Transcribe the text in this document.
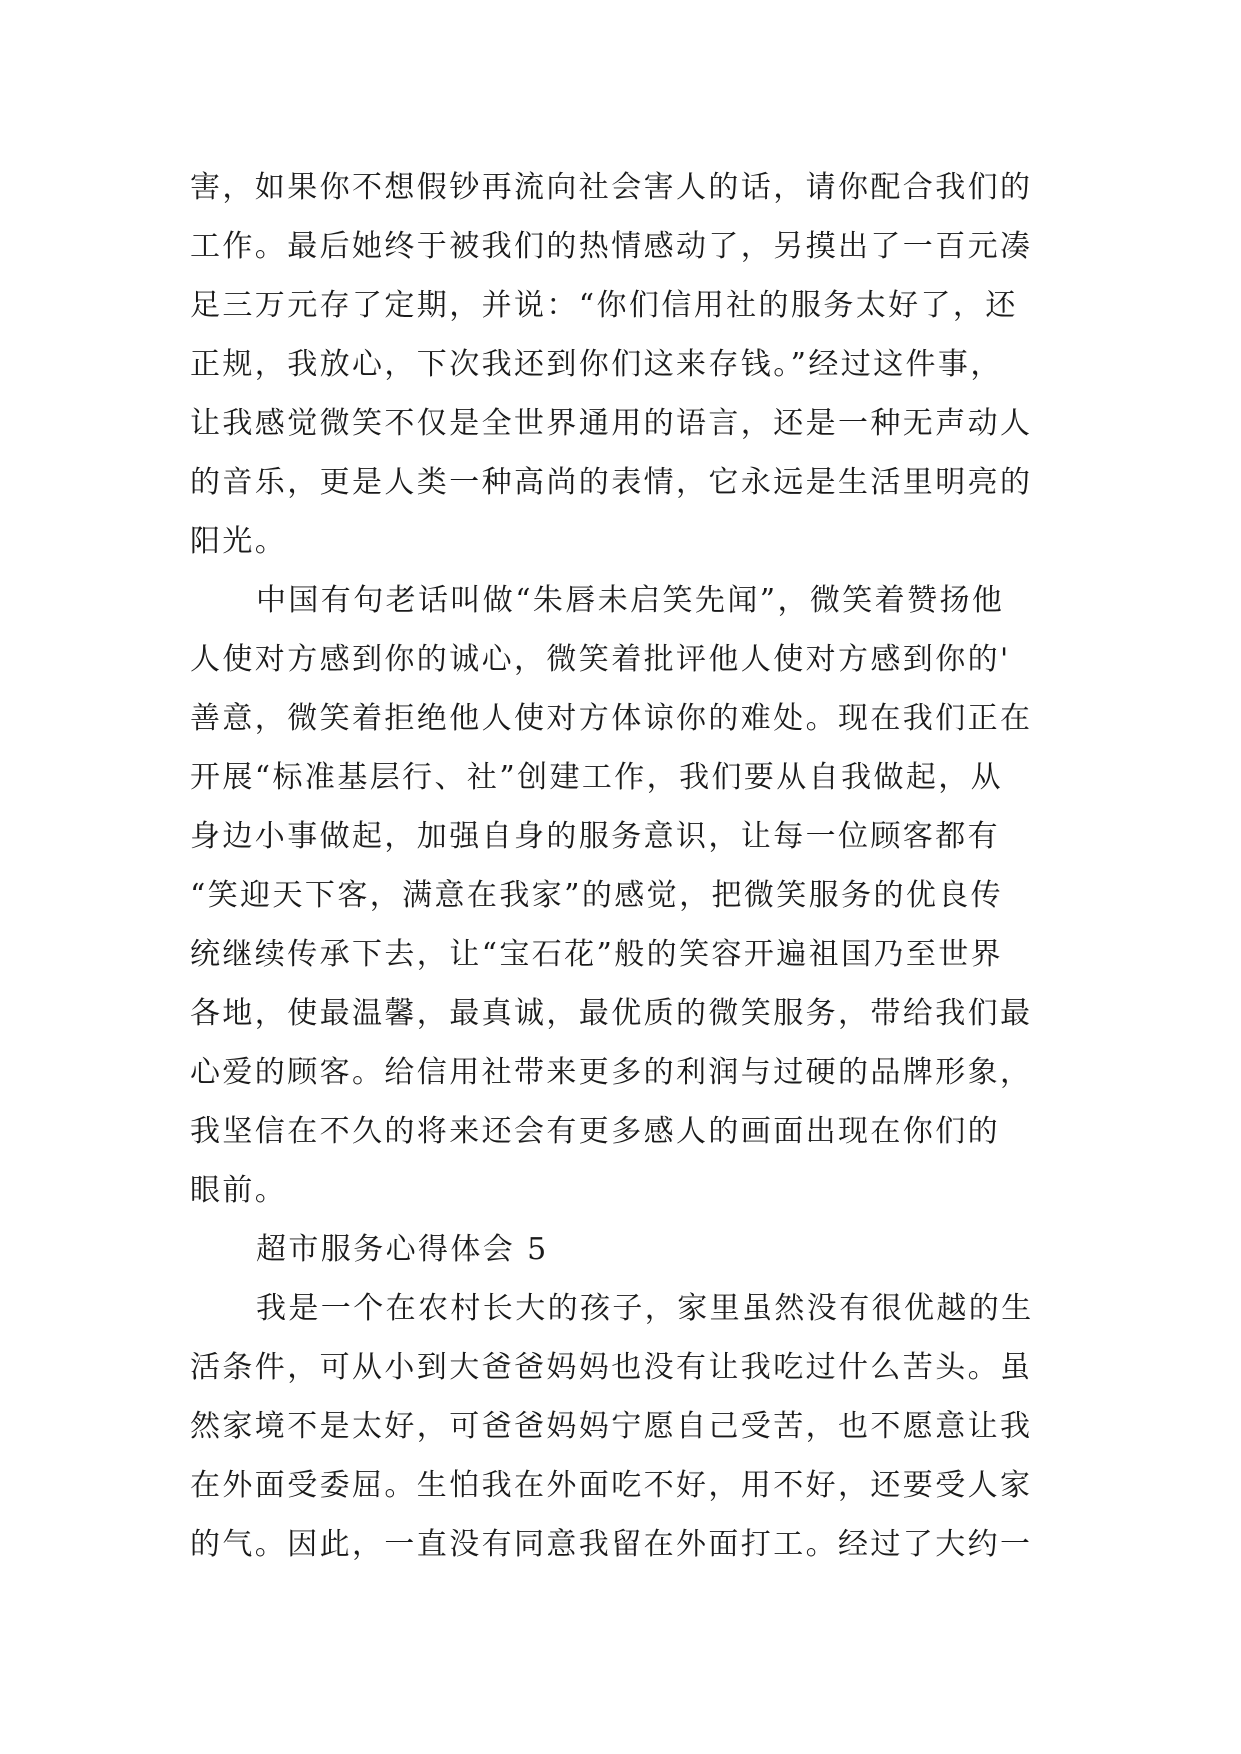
害，如果你不想假钞再流向社会害人的话，请你配合我们的
工作。最后她终于被我们的热情感动了，另摸出了一百元凑
足三万元存了定期，并说：“你们信用社的服务太好了，还
正规，我放心，下次我还到你们这来存钱。”经过这件事，
让我感觉微笑不仅是全世界通用的语言，还是一种无声动人
的音乐，更是人类一种高尚的表情，它永远是生活里明亮的
阳光。
中国有句老话叫做“朱唇未启笑先闻”，微笑着赞扬他
人使对方感到你的诚心，微笑着批评他人使对方感到你的'
善意，微笑着拒绝他人使对方体谅你的难处。现在我们正在
开展“标准基层行、社”创建工作，我们要从自我做起，从
身边小事做起，加强自身的服务意识，让每一位顾客都有
“笑迎天下客，满意在我家”的感觉，把微笑服务的优良传
统继续传承下去，让“宝石花”般的笑容开遍祖国乃至世界
各地，使最温馨，最真诚，最优质的微笑服务，带给我们最
心爱的顾客。给信用社带来更多的利润与过硬的品牌形象，
我坚信在不久的将来还会有更多感人的画面出现在你们的
眼前。
超市服务心得体会 5
我是一个在农村长大的孩子，家里虽然没有很优越的生
活条件，可从小到大爸爸妈妈也没有让我吃过什么苦头。虽
然家境不是太好，可爸爸妈妈宁愿自己受苦，也不愿意让我
在外面受委屈。生怕我在外面吃不好，用不好，还要受人家
的气。因此，一直没有同意我留在外面打工。经过了大约一
